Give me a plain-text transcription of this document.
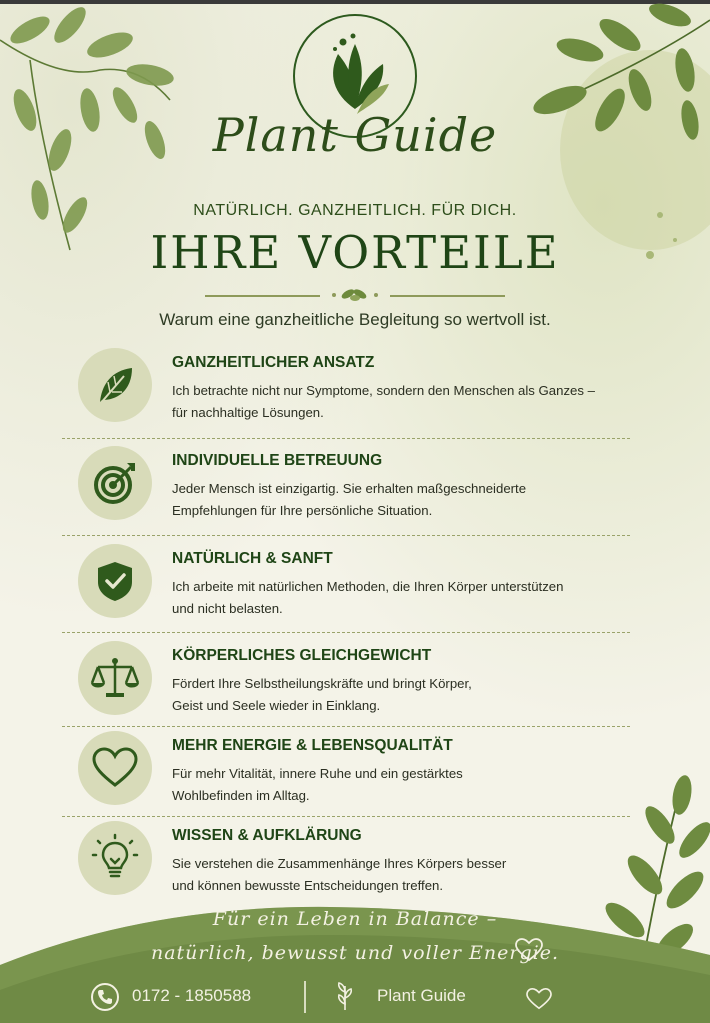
Plant Guide
NATÜRLICH. GANZHEITLICH. FÜR DICH.
IHRE VORTEILE
Warum eine ganzheitliche Begleitung so wertvoll ist.
GANZHEITLICHER ANSATZ
Ich betrachte nicht nur Symptome, sondern den Menschen als Ganzes –
für nachhaltige Lösungen.
INDIVIDUELLE BETREUUNG
Jeder Mensch ist einzigartig. Sie erhalten maßgeschneiderte
Empfehlungen für Ihre persönliche Situation.
NATÜRLICH & SANFT
Ich arbeite mit natürlichen Methoden, die Ihren Körper unterstützen
und nicht belasten.
KÖRPERLICHES GLEICHGEWICHT
Fördert Ihre Selbstheilungskräfte und bringt Körper,
Geist und Seele wieder in Einklang.
MEHR ENERGIE & LEBENSQUALITÄT
Für mehr Vitalität, innere Ruhe und ein gestärktes
Wohlbefinden im Alltag.
WISSEN & AUFKLÄRUNG
Sie verstehen die Zusammenhänge Ihres Körpers besser
und können bewusste Entscheidungen treffen.
Für ein Leben in Balance –
natürlich, bewusst und voller Energie.
0172 - 1850588	Plant Guide
